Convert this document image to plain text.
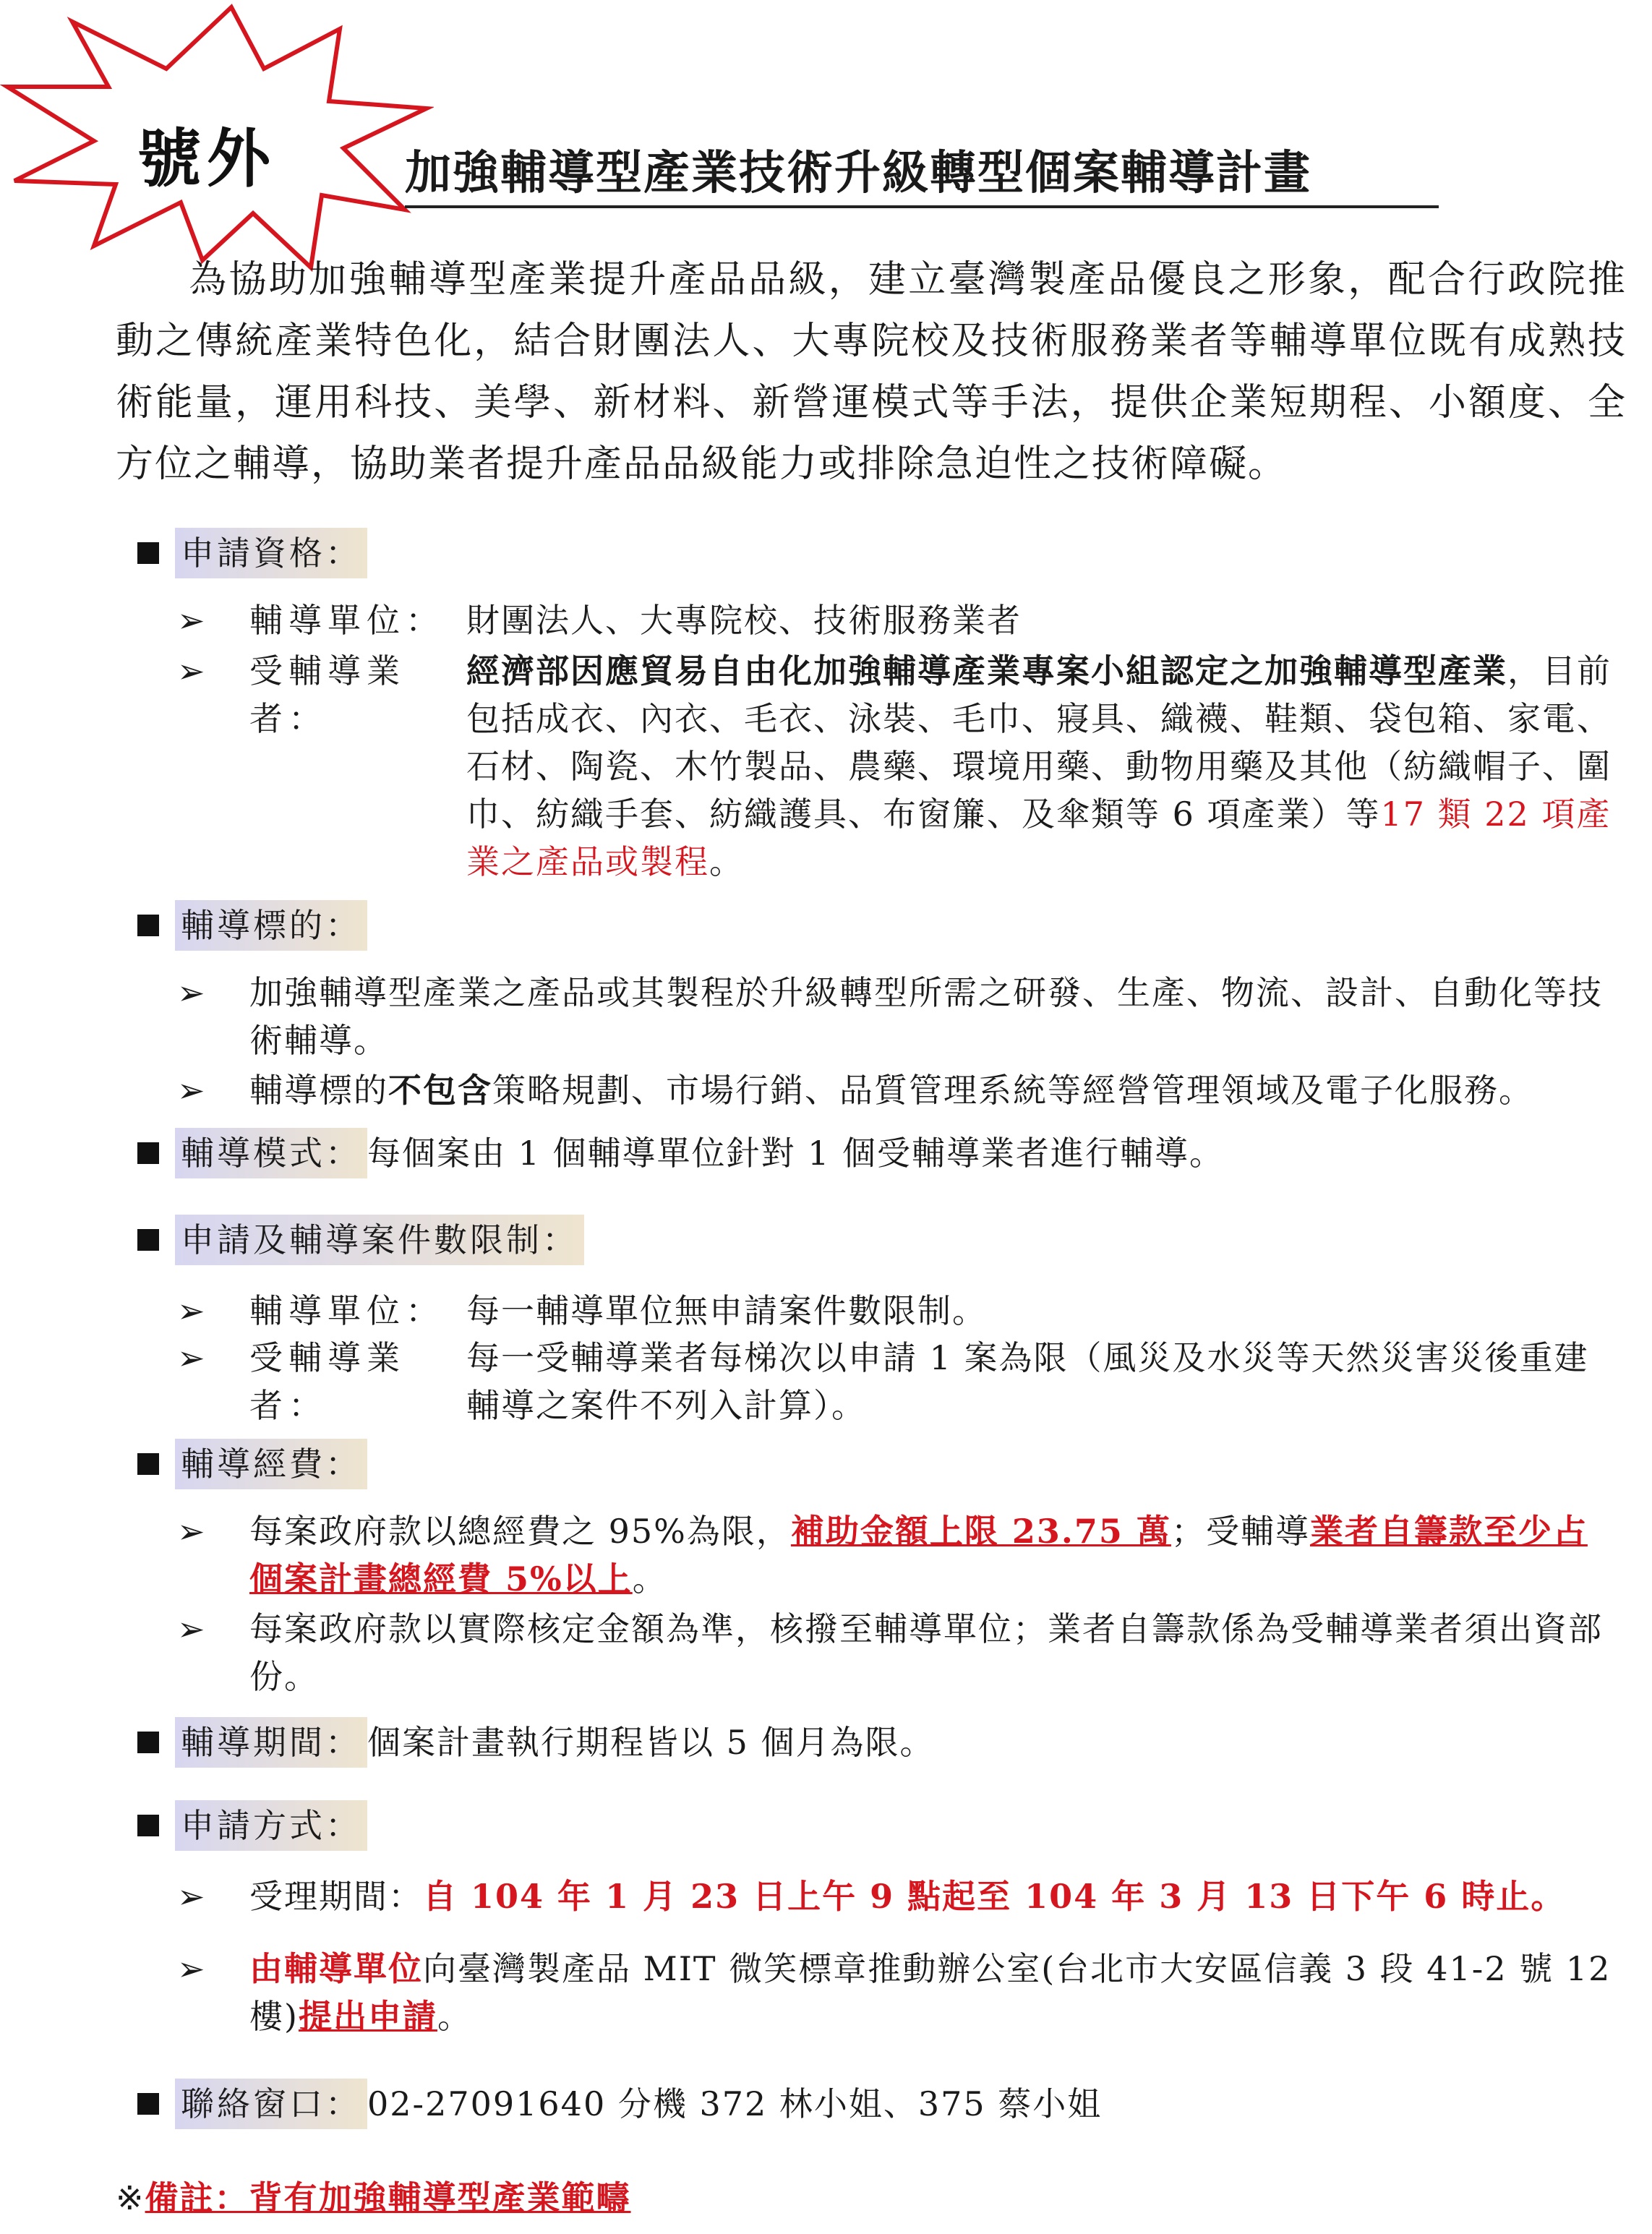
號外	加強輔導型產業技術升級轉型個案輔導計畫
為協助加強輔導型產業提升產品品級，建立臺灣製產品優良之形象，配合行政院推動之傳統產業特色化，結合財團法人、大專院校及技術服務業者等輔導單位既有成熟技術能量，運用科技、美學、新材料、新營運模式等手法，提供企業短期程、小額度、全方位之輔導，協助業者提升產品品級能力或排除急迫性之技術障礙。
申請資格：
➢	輔導單位： 財團法人、大專院校、技術服務業者
➢	受輔導業者：
經濟部因應貿易自由化加強輔導產業專案小組認定之加強輔導型產業，目前包括成衣、內衣、毛衣、泳裝、毛巾、寢具、織襪、鞋類、袋包箱、家電、石材、陶瓷、木竹製品、農藥、環境用藥、動物用藥及其他（紡織帽子、圍巾、紡織手套、紡織護具、布窗簾、及傘類等 6 項產業）等17 類 22 項產業之產品或製程。
輔導標的：
➢	加強輔導型產業之產品或其製程於升級轉型所需之研發、生產、物流、設計、自動化等技術輔導。
➢	輔導標的不包含策略規劃、市場行銷、品質管理系統等經營管理領域及電子化服務。
輔導模式： 每個案由 1 個輔導單位針對 1 個受輔導業者進行輔導。
申請及輔導案件數限制：
➢	輔導單位： 每一輔導單位無申請案件數限制。
➢	受輔導業者：
每一受輔導業者每梯次以申請 1 案為限（風災及水災等天然災害災後重建輔導之案件不列入計算）。
輔導經費：
➢	每案政府款以總經費之 95%為限，補助金額上限 23.75 萬；受輔導業者自籌款至少占個案計畫總經費 5%以上。
➢	每案政府款以實際核定金額為準，核撥至輔導單位；業者自籌款係為受輔導業者須出資部份。
輔導期間： 個案計畫執行期程皆以 5 個月為限。
申請方式：
➢	受理期間：自 104 年 1 月 23 日上午 9 點起至 104 年 3 月 13 日下午 6 時止。
➢	由輔導單位向臺灣製產品 MIT 微笑標章推動辦公室(台北市大安區信義 3 段 41-2 號 12 樓)提出申請。
聯絡窗口： 02-27091640 分機 372 林小姐、375 蔡小姐
※備註：背有加強輔導型產業範疇
